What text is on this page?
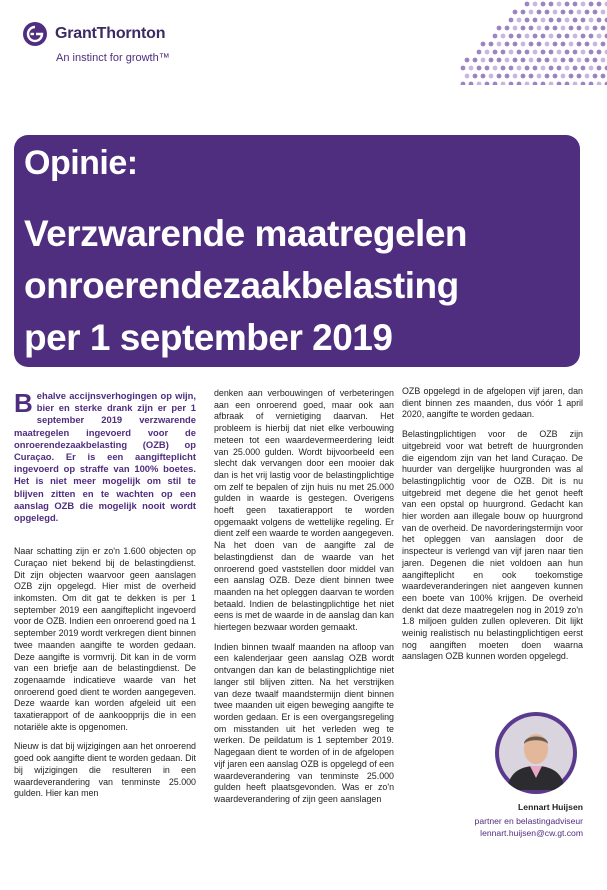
GrantThornton
An instinct for growth™
Opinie:
Verzwarende maatregelen
onroerendezaakbelasting
per 1 september 2019

Behalve accijnsverhogingen op wijn, bier en sterke drank zijn er per 1 september 2019 verzwarende maatregelen ingevoerd voor de onroerendezaakbelasting (OZB) op Curaçao. Er is een aangifteplicht ingevoerd op straffe van 100% boetes. Het is niet meer mogelijk om stil te blijven zitten en te wachten op een aanslag OZB die mogelijk nooit wordt opgelegd.

Naar schatting zijn er zo'n 1.600 objecten op Curaçao niet bekend bij de belastingdienst. Dit zijn objecten waarvoor geen aanslagen OZB zijn opgelegd. Hier mist de overheid inkomsten. Om dit gat te dekken is per 1 september 2019 een aangifteplicht ingevoerd voor de OZB. Indien een onroerend goed na 1 september 2019 wordt verkregen dient binnen twee maanden aangifte te worden gedaan. Deze aangifte is vormvrij. Dit kan in de vorm van een briefje aan de belastingdienst. De zogenaamde indicatieve waarde van het onroerend goed dient te worden aangegeven. Deze waarde kan worden afgeleid uit een taxatierapport of de aankoopprijs die in een notariële akte is opgenomen.

Nieuw is dat bij wijzigingen aan het onroerend goed ook aangifte dient te worden gedaan. Dit bij wijzigingen die resulteren in een waardeverandering van tenminste 25.000 gulden. Hier kan men

denken aan verbouwingen of verbeteringen aan een onroerend goed, maar ook aan afbraak of vernietiging daarvan. Het probleem is hierbij dat niet elke verbouwing meteen tot een waardevermeerdering leidt van 25.000 gulden. Wordt bijvoorbeeld een slecht dak vervangen door een mooier dak dan is het vrij lastig voor de belastingplichtige om zelf te bepalen of zijn huis nu met 25.000 gulden in waarde is gestegen. Overigens hoeft geen taxatierapport te worden opgemaakt volgens de wettelijke regeling. Er dient zelf een waarde te worden aangegeven. Na het doen van de aangifte zal de belastingdienst dan de waarde van het onroerend goed vaststellen door middel van een aanslag OZB. Deze dient binnen twee maanden na het opleggen daarvan te worden betaald. Indien de belastingplichtige het niet eens is met de waarde in de aanslag dan kan hiertegen bezwaar worden gemaakt.

Indien binnen twaalf maanden na afloop van een kalenderjaar geen aanslag OZB wordt ontvangen dan kan de belastingplichtige niet langer stil blijven zitten. Na het verstrijken van deze twaalf maandstermijn dient binnen twee maanden uit eigen beweging aangifte te worden gedaan. Er is een overgangsregeling om misstanden uit het verleden weg te werken. De peildatum is 1 september 2019. Nagegaan dient te worden of in de afgelopen vijf jaren een aanslag OZB is opgelegd of een waardeverandering van tenminste 25.000 gulden heeft plaatsgevonden. Was er zo'n waardeverandering of zijn geen aanslagen

OZB opgelegd in de afgelopen vijf jaren, dan dient binnen zes maanden, dus vóór 1 april 2020, aangifte te worden gedaan.

Belastingplichtigen voor de OZB zijn uitgebreid voor wat betreft de huurgronden die eigendom zijn van het land Curaçao. De huurder van dergelijke huurgronden was al belastingplichtig voor de OZB. Dit is nu uitgebreid met degene die het genot heeft van een opstal op huurgrond. Gedacht kan hier worden aan illegale bouw op huurgrond van de overheid. De navorderingstermijn voor het opleggen van aanslagen door de inspecteur is verlengd van vijf jaren naar tien jaren. Degenen die niet voldoen aan hun aangifteplicht en ook toekomstige waardeveranderingen niet aangeven kunnen een boete van 100% krijgen. De overheid denkt dat deze maatregelen nog in 2019 zo'n 1.8 miljoen gulden zullen opleveren. Dit lijkt weinig realistisch nu belastingplichtigen eerst nog aangiften moeten doen waarna aanslagen OZB kunnen worden opgelegd.

Lennart Huijsen
partner en belastingadviseur
lennart.huijsen@cw.gt.com
